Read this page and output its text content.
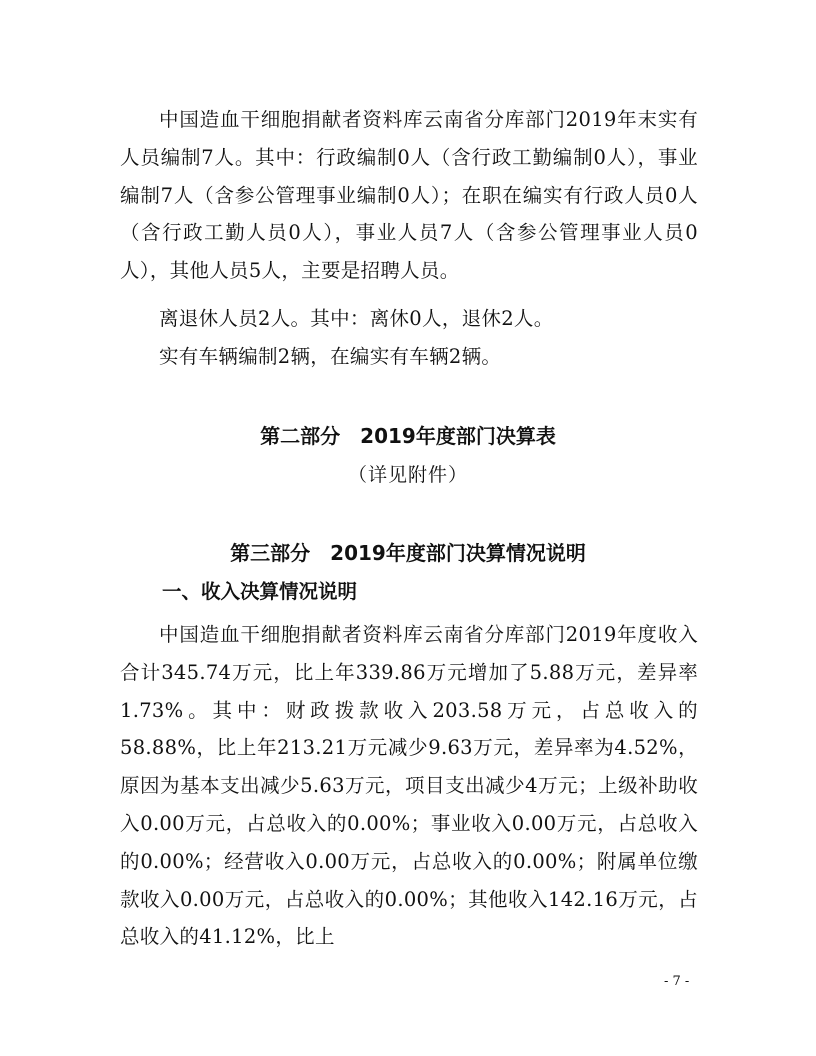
中国造血干细胞捐献者资料库云南省分库部门2019年末实有人员编制7人。其中：行政编制0人（含行政工勤编制0人），事业编制7人（含参公管理事业编制0人）；在职在编实有行政人员0人（含行政工勤人员0人），事业人员7人（含参公管理事业人员0人），其他人员5人，主要是招聘人员。

离退休人员2人。其中：离休0人，退休2人。

实有车辆编制2辆，在编实有车辆2辆。

第二部分　2019年度部门决算表

（详见附件）

第三部分　2019年度部门决算情况说明
一、收入决算情况说明

中国造血干细胞捐献者资料库云南省分库部门2019年度收入合计345.74万元，比上年339.86万元增加了5.88万元，差异率1.73%。其中：财政拨款收入203.58万元，占总收入的58.88%，比上年213.21万元减少9.63万元，差异率为4.52%，原因为基本支出减少5.63万元，项目支出减少4万元；上级补助收入0.00万元，占总收入的0.00%；事业收入0.00万元，占总收入的0.00%；经营收入0.00万元，占总收入的0.00%；附属单位缴款收入0.00万元，占总收入的0.00%；其他收入142.16万元，占总收入的41.12%，比上

- 7 -
